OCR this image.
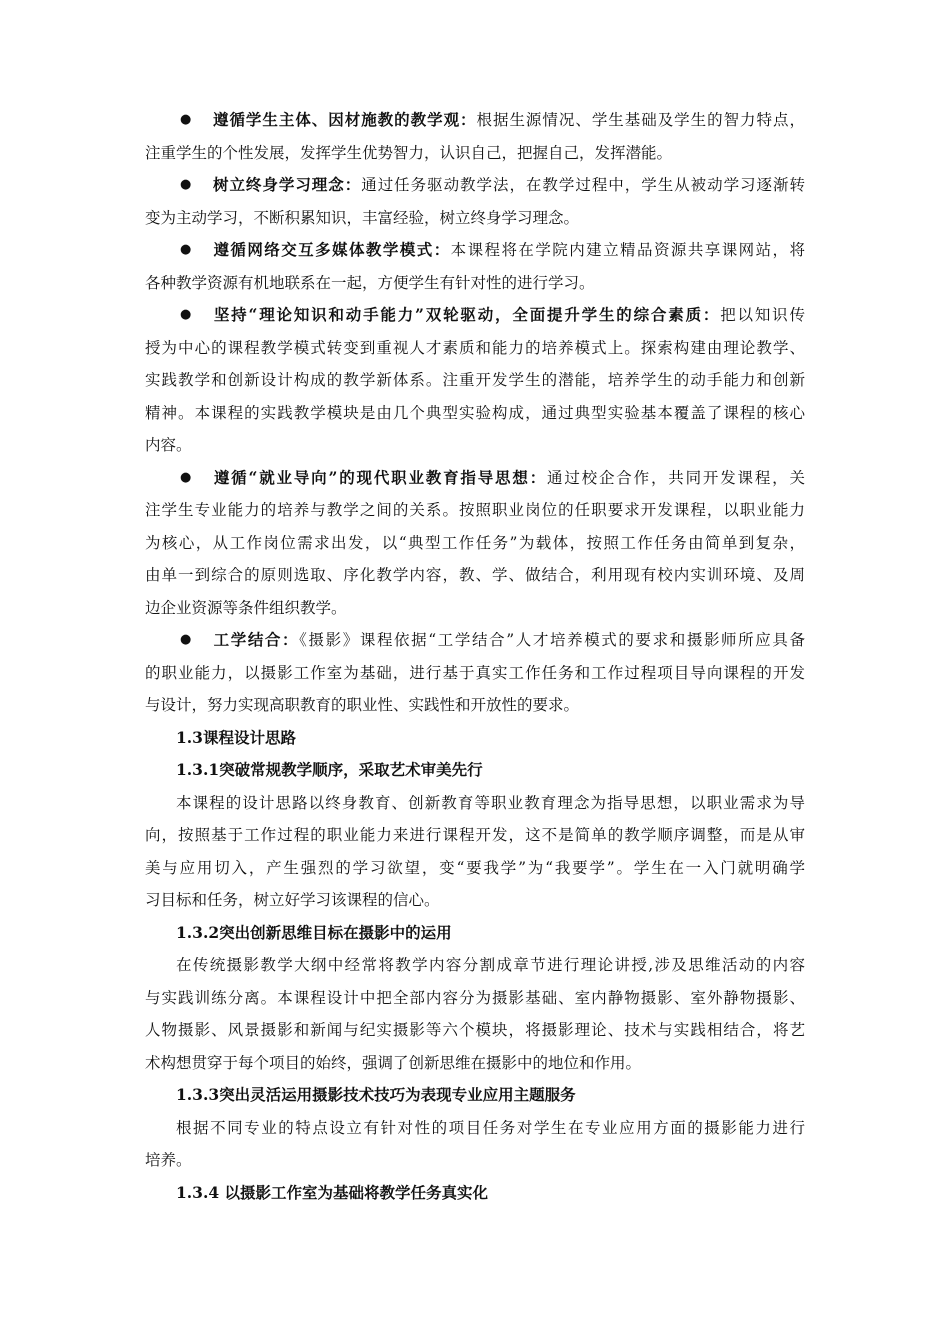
● 遵循学生主体、因材施教的教学观：根据生源情况、学生基础及学生的智力特点，
注重学生的个性发展，发挥学生优势智力，认识自己，把握自己，发挥潜能。
● 树立终身学习理念：通过任务驱动教学法，在教学过程中，学生从被动学习逐渐转
变为主动学习，不断积累知识，丰富经验，树立终身学习理念。
● 遵循网络交互多媒体教学模式：本课程将在学院内建立精品资源共享课网站，将
各种教学资源有机地联系在一起，方便学生有针对性的进行学习。
● 坚持“理论知识和动手能力”双轮驱动，全面提升学生的综合素质：把以知识传
授为中心的课程教学模式转变到重视人才素质和能力的培养模式上。探索构建由理论教学、
实践教学和创新设计构成的教学新体系。注重开发学生的潜能，培养学生的动手能力和创新
精神。本课程的实践教学模块是由几个典型实验构成，通过典型实验基本覆盖了课程的核心
内容。
● 遵循“就业导向”的现代职业教育指导思想：通过校企合作，共同开发课程，关
注学生专业能力的培养与教学之间的关系。按照职业岗位的任职要求开发课程，以职业能力
为核心，从工作岗位需求出发，以“典型工作任务”为载体，按照工作任务由简单到复杂，
由单一到综合的原则选取、序化教学内容，教、学、做结合，利用现有校内实训环境、及周
边企业资源等条件组织教学。
● 工学结合：《摄影》课程依据“工学结合”人才培养模式的要求和摄影师所应具备
的职业能力，以摄影工作室为基础，进行基于真实工作任务和工作过程项目导向课程的开发
与设计，努力实现高职教育的职业性、实践性和开放性的要求。
1.3课程设计思路
1.3.1突破常规教学顺序，采取艺术审美先行
本课程的设计思路以终身教育、创新教育等职业教育理念为指导思想，以职业需求为导
向，按照基于工作过程的职业能力来进行课程开发，这不是简单的教学顺序调整，而是从审
美与应用切入，产生强烈的学习欲望，变“要我学”为“我要学”。学生在一入门就明确学
习目标和任务，树立好学习该课程的信心。
1.3.2突出创新思维目标在摄影中的运用
在传统摄影教学大纲中经常将教学内容分割成章节进行理论讲授,涉及思维活动的内容
与实践训练分离。本课程设计中把全部内容分为摄影基础、室内静物摄影、室外静物摄影、
人物摄影、风景摄影和新闻与纪实摄影等六个模块，将摄影理论、技术与实践相结合，将艺
术构想贯穿于每个项目的始终，强调了创新思维在摄影中的地位和作用。
1.3.3突出灵活运用摄影技术技巧为表现专业应用主题服务
根据不同专业的特点设立有针对性的项目任务对学生在专业应用方面的摄影能力进行
培养。
1.3.4 以摄影工作室为基础将教学任务真实化
